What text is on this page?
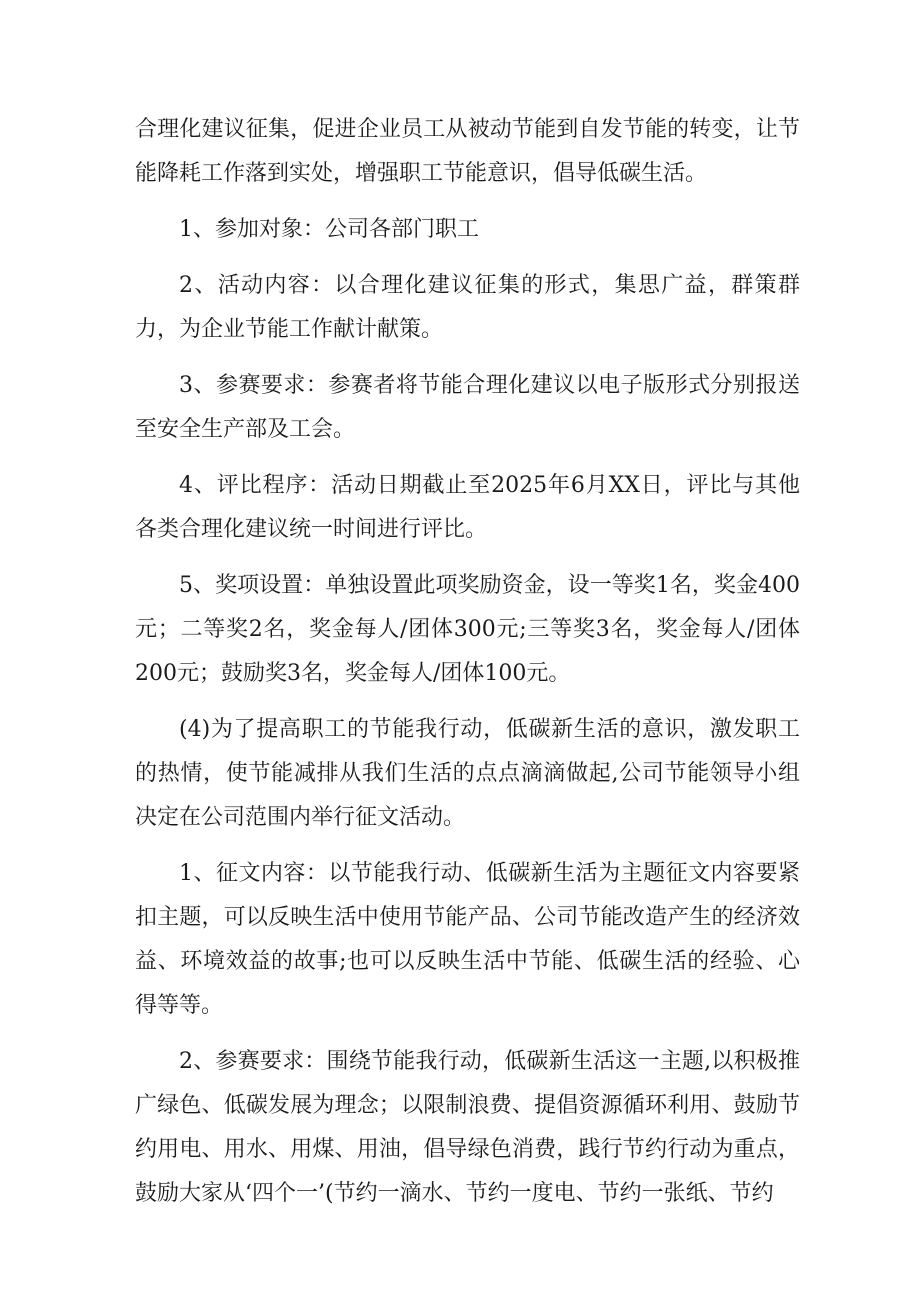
合理化建议征集，促进企业员工从被动节能到自发节能的转变，让节能降耗工作落到实处，增强职工节能意识，倡导低碳生活。

1、参加对象：公司各部门职工

2、活动内容：以合理化建议征集的形式，集思广益，群策群力，为企业节能工作献计献策。

3、参赛要求：参赛者将节能合理化建议以电子版形式分别报送至安全生产部及工会。

4、评比程序：活动日期截止至2025年6月XX日，评比与其他各类合理化建议统一时间进行评比。

5、奖项设置：单独设置此项奖励资金，设一等奖1名，奖金400元；二等奖2名，奖金每人/团体300元;三等奖3名，奖金每人/团体200元；鼓励奖3名，奖金每人/团体100元。

(4)为了提高职工的节能我行动，低碳新生活的意识，激发职工的热情，使节能减排从我们生活的点点滴滴做起,公司节能领导小组决定在公司范围内举行征文活动。

1、征文内容：以节能我行动、低碳新生活为主题征文内容要紧扣主题，可以反映生活中使用节能产品、公司节能改造产生的经济效益、环境效益的故事;也可以反映生活中节能、低碳生活的经验、心得等等。

2、参赛要求：围绕节能我行动，低碳新生活这一主题,以积极推广绿色、低碳发展为理念；以限制浪费、提倡资源循环利用、鼓励节约用电、用水、用煤、用油，倡导绿色消费，践行节约行动为重点，鼓励大家从‘四个一’(节约一滴水、节约一度电、节约一张纸、节约
